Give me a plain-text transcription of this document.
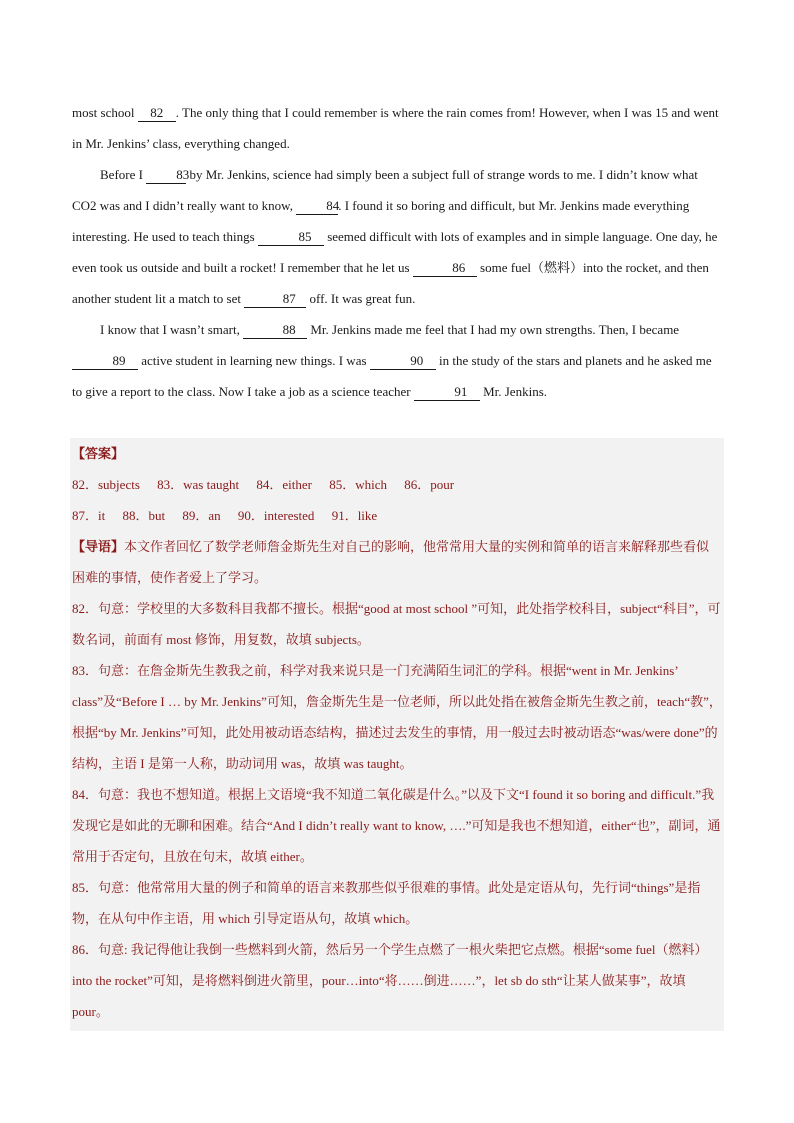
most school 82 . The only thing that I could remember is where the rain comes from! However, when I was 15 and went in Mr. Jenkins’ class, everything changed.

Before I 83 by Mr. Jenkins, science had simply been a subject full of strange words to me. I didn’t know what CO2 was and I didn’t really want to know, 84. I found it so boring and difficult, but Mr. Jenkins made everything interesting. He used to teach things	85 seemed difficult with lots of examples and in simple language. One day, he even took us outside and built a rocket! I remember that he let us	86 some fuel（燃料）into the rocket, and then another student lit a match to set	87 off. It was great fun.

I know that I wasn’t smart,	88 Mr. Jenkins made me feel that I had my own strengths. Then, I became 89 active student in learning new things. I was	90 in the study of the stars and planets and he asked me to give a report to the class. Now I take a job as a science teacher	91 Mr. Jenkins.

【答案】

82．subjects 83．was taught 84．either 85．which 86．pour

87．it 88．but 89．an 90．interested 91．like

【导语】本文作者回忆了数学老师詹金斯先生对自己的影响，他常常用大量的实例和简单的语言来解释那些看似困难的事情，使作者爱上了学习。

82．句意：学校里的大多数科目我都不擅长。根据“good at most school ”可知，此处指学校科目，subject“科目”，可数名词，前面有 most 修饰，用复数，故填 subjects。

83．句意：在詹金斯先生教我之前，科学对我来说只是一门充满陌生词汇的学科。根据“went in Mr. Jenkins’ class”及“Before I … by Mr. Jenkins”可知，詹金斯先生是一位老师，所以此处指在被詹金斯先生教之前，teach“教”，根据“by Mr. Jenkins”可知，此处用被动语态结构，描述过去发生的事情，用一般过去时被动语态“was/were done”的结构，主语 I 是第一人称，助动词用 was，故填 was taught。

84．句意：我也不想知道。根据上文语境“我不知道二氧化碳是什么。”以及下文“I found it so boring and difficult.”我发现它是如此的无聊和困难。结合“And I didn’t really want to know, ….”可知是我也不想知道，either“也”，副词，通常用于否定句，且放在句末，故填 either。

85．句意：他常常用大量的例子和简单的语言来教那些似乎很难的事情。此处是定语从句，先行词“things”是指物，在从句中作主语，用 which 引导定语从句，故填 which。

86．句意: 我记得他让我倒一些燃料到火箭，然后另一个学生点燃了一根火柴把它点燃。根据“some fuel（燃料）into the rocket”可知，是将燃料倒进火箭里，pour…into“将……倒进……”，let sb do sth“让某人做某事”，故填 pour。
